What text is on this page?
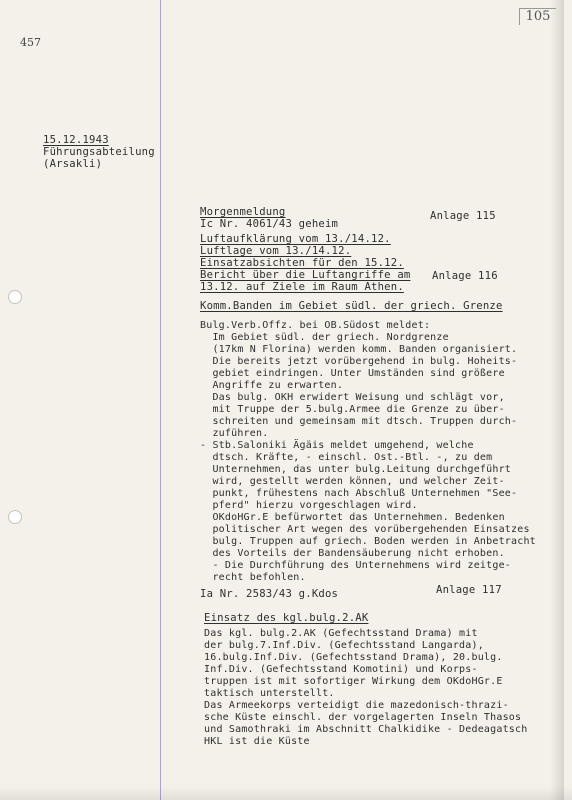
105
457
15.12.1943
Führungsabteilung
(Arsakli)
Morgenmeldung
Ic Nr. 4061/43 geheim
Luftaufklärung vom 13./14.12.
Luftlage vom 13./14.12.
Einsatzabsichten für den 15.12.
Bericht über die Luftangriffe am
13.12. auf Ziele im Raum Athen.
Anlage 115
Anlage 116
Komm.Banden im Gebiet südl. der griech. Grenze
Bulg.Verb.Offz. bei OB.Südost meldet:
Im Gebiet südl. der griech. Nordgrenze
(17km N Florina) werden komm. Banden organisiert.
Die bereits jetzt vorübergehend in bulg. Hoheits-
gebiet eindringen. Unter Umständen sind größere
Angriffe zu erwarten.
Das bulg. OKH erwidert Weisung und schlägt vor,
mit Truppe der 5.bulg.Armee die Grenze zu über-
schreiten und gemeinsam mit dtsch. Truppen durch-
zuführen.
- Stb.Saloniki Ägäis meldet umgehend, welche
dtsch. Kräfte, - einschl. Ost.-Btl. -, zu dem
Unternehmen, das unter bulg.Leitung durchgeführt
wird, gestellt werden können, und welcher Zeit-
punkt, frühestens nach Abschluß Unternehmen "See-
pferd" hierzu vorgeschlagen wird.
OKdoHGr.E befürwortet das Unternehmen. Bedenken
politischer Art wegen des vorübergehenden Einsatzes
bulg. Truppen auf griech. Boden werden in Anbetracht
des Vorteils der Bandensäuberung nicht erhoben.
- Die Durchführung des Unternehmens wird zeitge-
recht befohlen.
Ia Nr. 2583/43 g.Kdos	Anlage 117
Einsatz des kgl.bulg.2.AK
Das kgl. bulg.2.AK (Gefechtsstand Drama) mit
der bulg.7.Inf.Div. (Gefechtsstand Langarda),
16.bulg.Inf.Div. (Gefechtsstand Drama), 20.bulg.
Inf.Div. (Gefechtsstand Komotini) und Korps-
truppen ist mit sofortiger Wirkung dem OKdoHGr.E
taktisch unterstellt.
Das Armeekorps verteidigt die mazedonisch-thrazi-
sche Küste einschl. der vorgelagerten Inseln Thasos
und Samothraki im Abschnitt Chalkidike - Dedeagatsch
HKL ist die Küste
